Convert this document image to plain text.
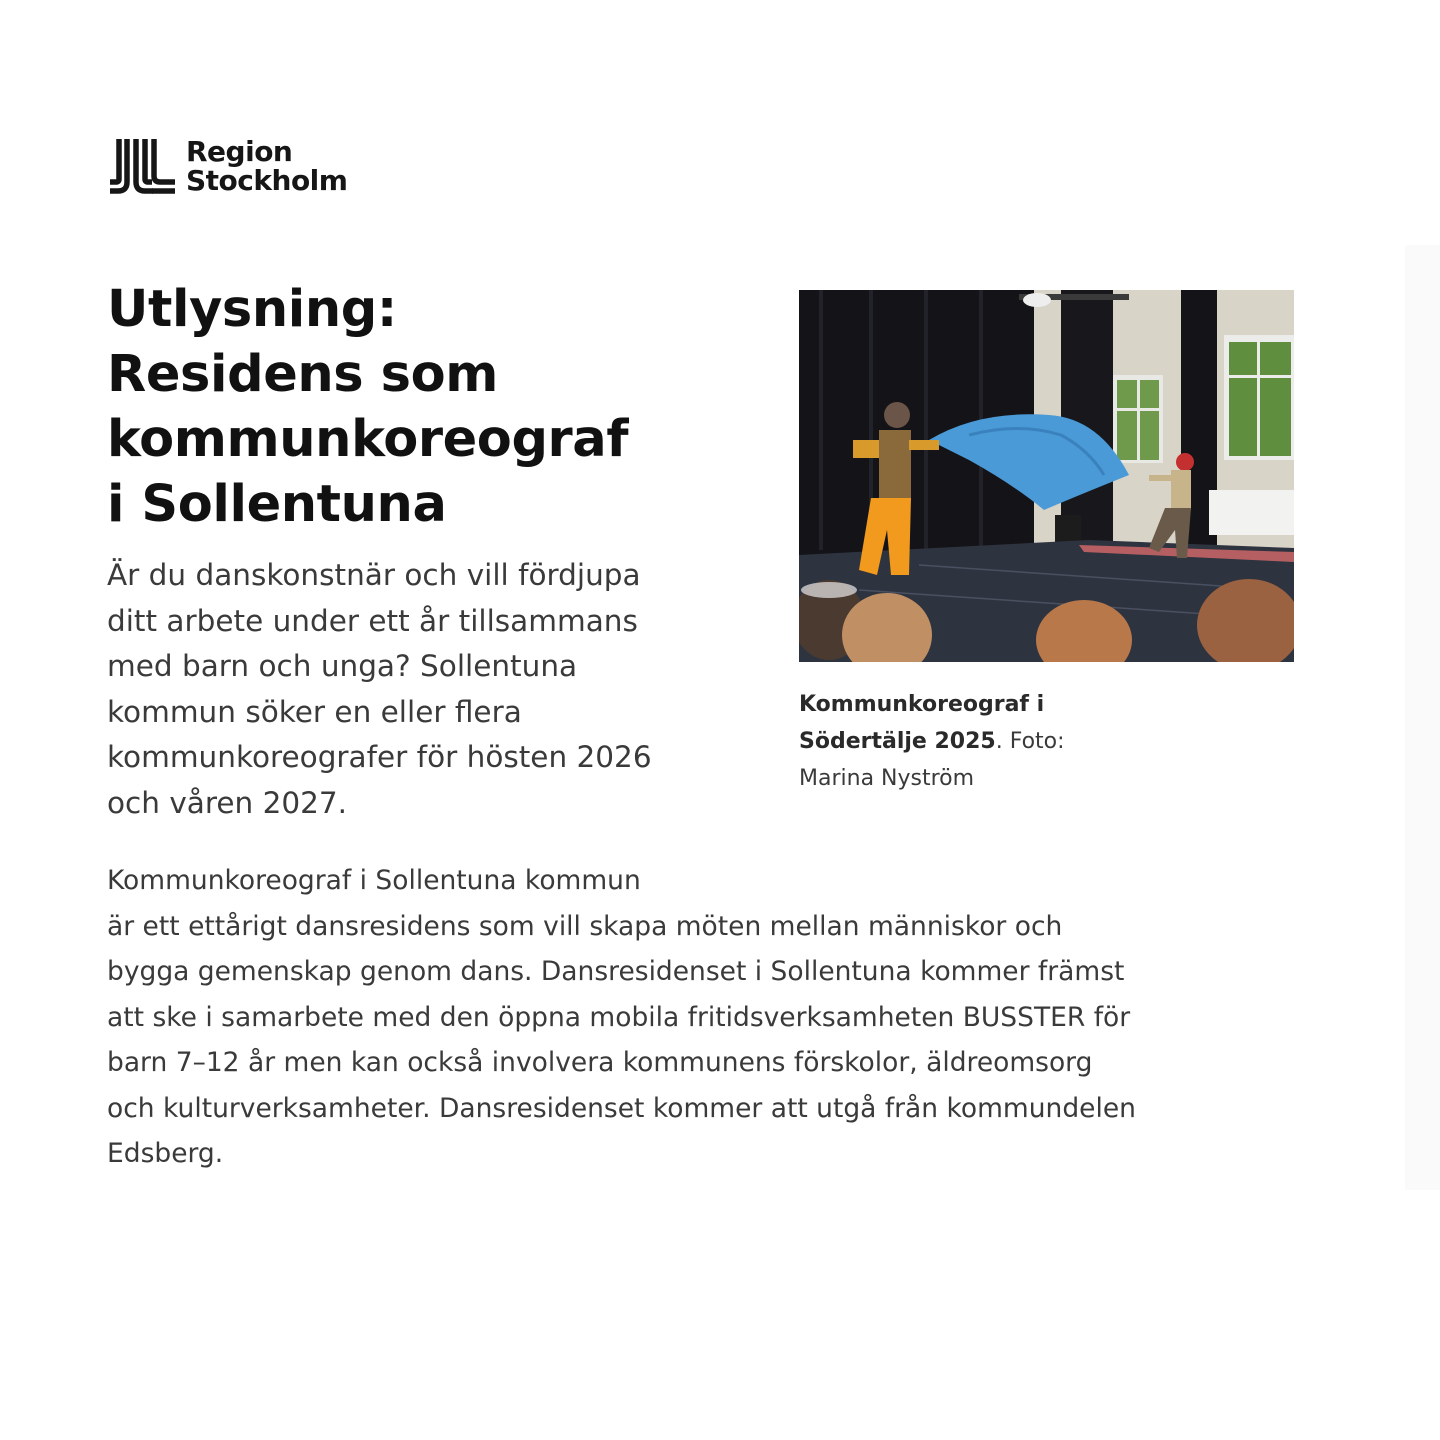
Region
Stockholm
Utlysning:
Residens som
kommunkoreograf
i Sollentuna

Är du danskonstnär och vill fördjupa
ditt arbete under ett år tillsammans
med barn och unga? Sollentuna
kommun söker en eller flera
kommunkoreografer för hösten 2026
och våren 2027.

Kommunkoreograf i
Södertälje 2025. Foto:
Marina Nyström

Kommunkoreograf i Sollentuna kommun
är ett ettårigt dansresidens som vill skapa möten mellan människor och
bygga gemenskap genom dans. Dansresidenset i Sollentuna kommer främst
att ske i samarbete med den öppna mobila fritidsverksamheten BUSSTER för
barn 7–12 år men kan också involvera kommunens förskolor, äldreomsorg
och kulturverksamheter. Dansresidenset kommer att utgå från kommundelen
Edsberg.
